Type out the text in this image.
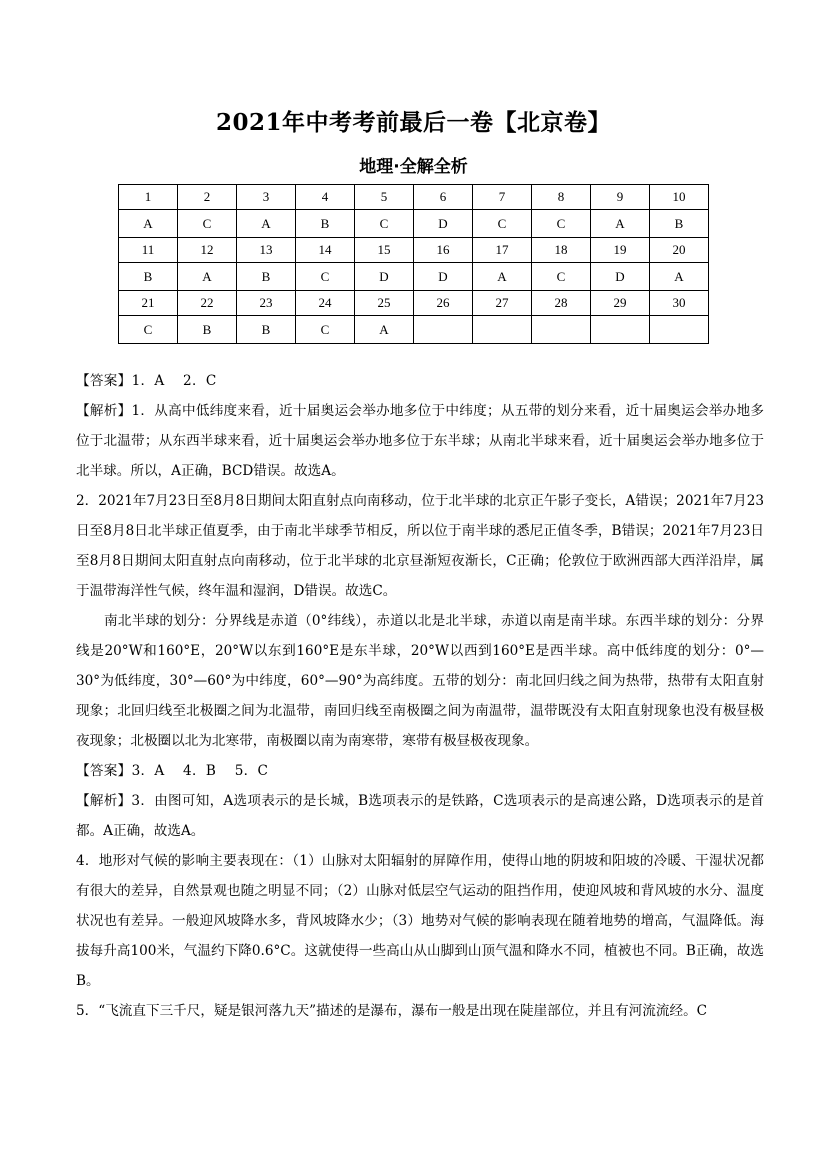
2021年中考考前最后一卷【北京卷】
地理·全解全析
1	2	3	4	5	6	7	8	9	10
A	C	A	B	C	D	C	C	A	B
11	12	13	14	15	16	17	18	19	20
B	A	B	C	D	D	A	C	D	A
21	22	23	24	25	26	27	28	29	30
C	B	B	C	A					

【答案】1．A　 2．C

【解析】1．从高中低纬度来看，近十届奥运会举办地多位于中纬度；从五带的划分来看，近十届奥运会举办地多位于北温带；从东西半球来看，近十届奥运会举办地多位于东半球；从南北半球来看，近十届奥运会举办地多位于北半球。所以，A正确，BCD错误。故选A。

2．2021年7月23日至8月8日期间太阳直射点向南移动，位于北半球的北京正午影子变长，A错误；2021年7月23日至8月8日北半球正值夏季，由于南北半球季节相反，所以位于南半球的悉尼正值冬季，B错误；2021年7月23日至8月8日期间太阳直射点向南移动，位于北半球的北京昼渐短夜渐长，C正确；伦敦位于欧洲西部大西洋沿岸，属于温带海洋性气候，终年温和湿润，D错误。故选C。

南北半球的划分：分界线是赤道（0°纬线），赤道以北是北半球，赤道以南是南半球。东西半球的划分：分界线是20°W和160°E，20°W以东到160°E是东半球，20°W以西到160°E是西半球。高中低纬度的划分：0°—30°为低纬度，30°—60°为中纬度，60°—90°为高纬度。五带的划分：南北回归线之间为热带，热带有太阳直射现象；北回归线至北极圈之间为北温带，南回归线至南极圈之间为南温带，温带既没有太阳直射现象也没有极昼极夜现象；北极圈以北为北寒带，南极圈以南为南寒带，寒带有极昼极夜现象。

【答案】3．A　 4．B　 5．C

【解析】3．由图可知，A选项表示的是长城，B选项表示的是铁路，C选项表示的是高速公路，D选项表示的是首都。A正确，故选A。

4．地形对气候的影响主要表现在：（1）山脉对太阳辐射的屏障作用，使得山地的阴坡和阳坡的冷暖、干湿状况都有很大的差异，自然景观也随之明显不同；（2）山脉对低层空气运动的阻挡作用，使迎风坡和背风坡的水分、温度状况也有差异。一般迎风坡降水多，背风坡降水少；（3）地势对气候的影响表现在随着地势的增高，气温降低。海拔每升高100米，气温约下降0.6°C。这就使得一些高山从山脚到山顶气温和降水不同，植被也不同。B正确，故选B。

5．“飞流直下三千尺，疑是银河落九天”描述的是瀑布，瀑布一般是出现在陡崖部位，并且有河流流经。C
